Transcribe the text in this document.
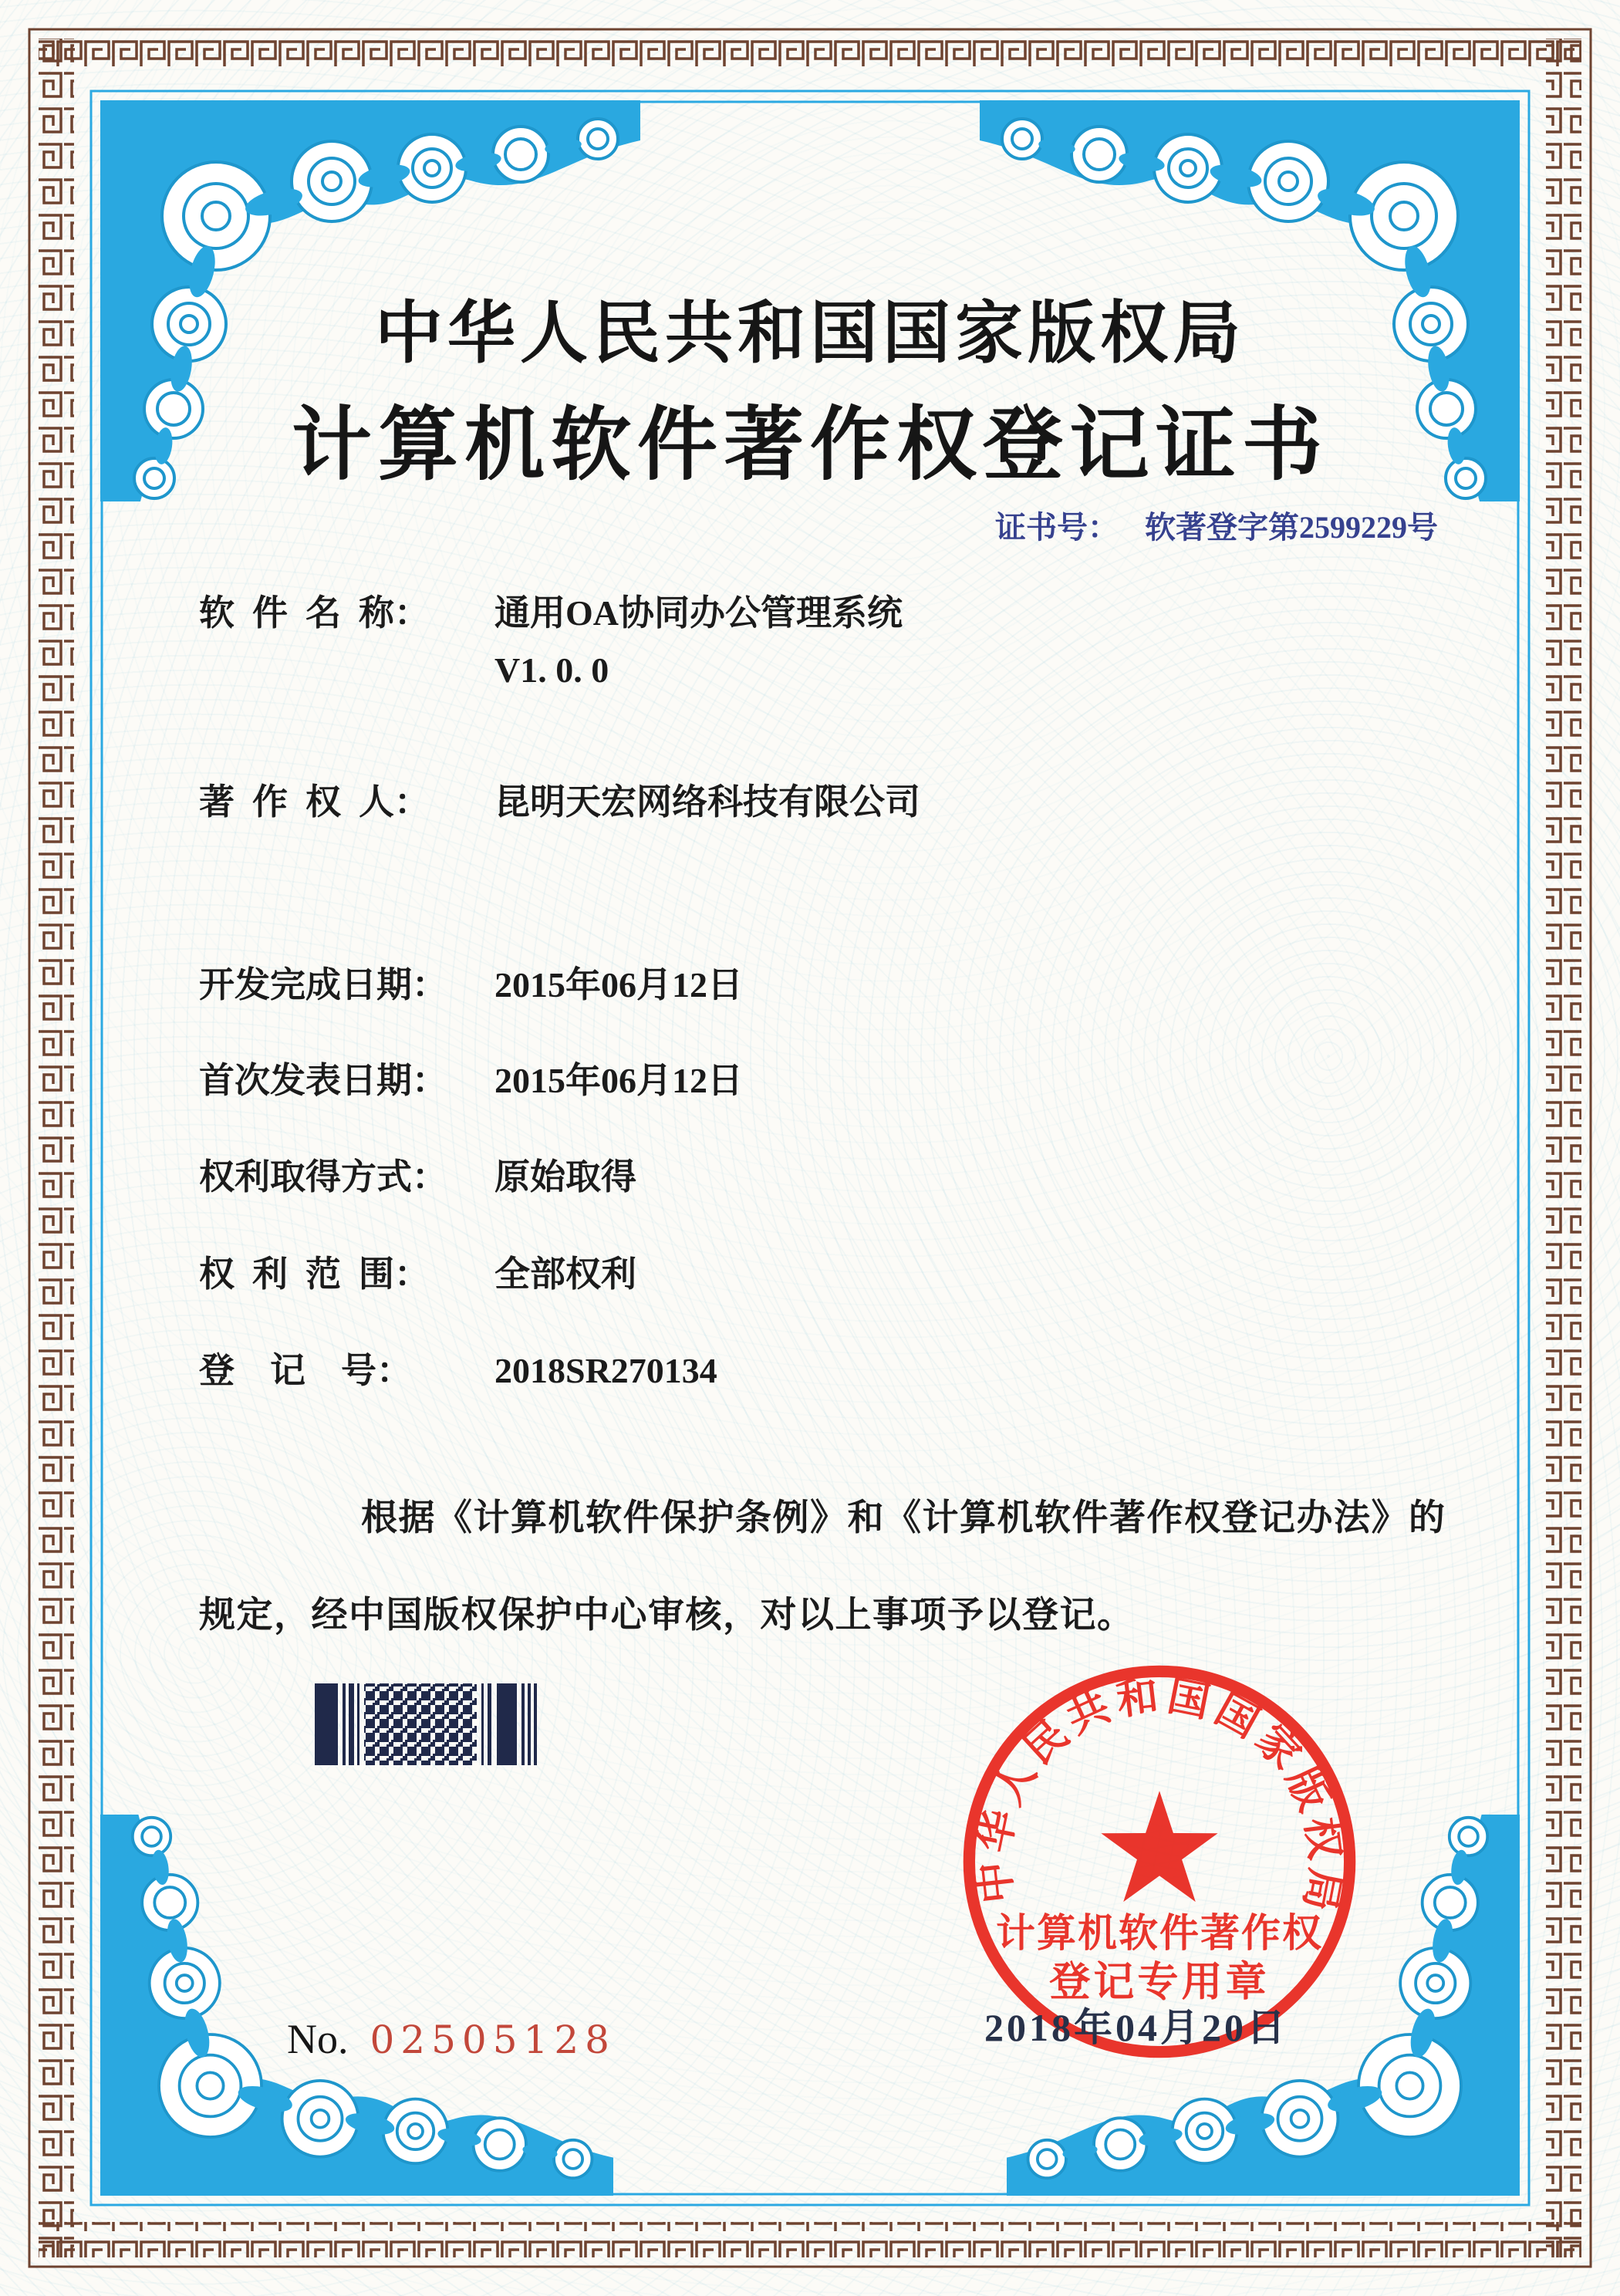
中华人民共和国国家版权局
计算机软件著作权登记证书
证书号： 软著登字第2599229号
软 件 名 称： 通用OA协同办公管理系统
V1. 0. 0
著 作 权 人： 昆明天宏网络科技有限公司
开发完成日期： 2015年06月12日
首次发表日期： 2015年06月12日
权利取得方式： 原始取得
权 利 范 围： 全部权利
登 记 号： 2018SR270134
根据《计算机软件保护条例》和《计算机软件著作权登记办法》的
规定，经中国版权保护中心审核，对以上事项予以登记。
中华人民共和国国家版权局
计算机软件著作权
登记专用章
2018年04月20日
No. 02505128
